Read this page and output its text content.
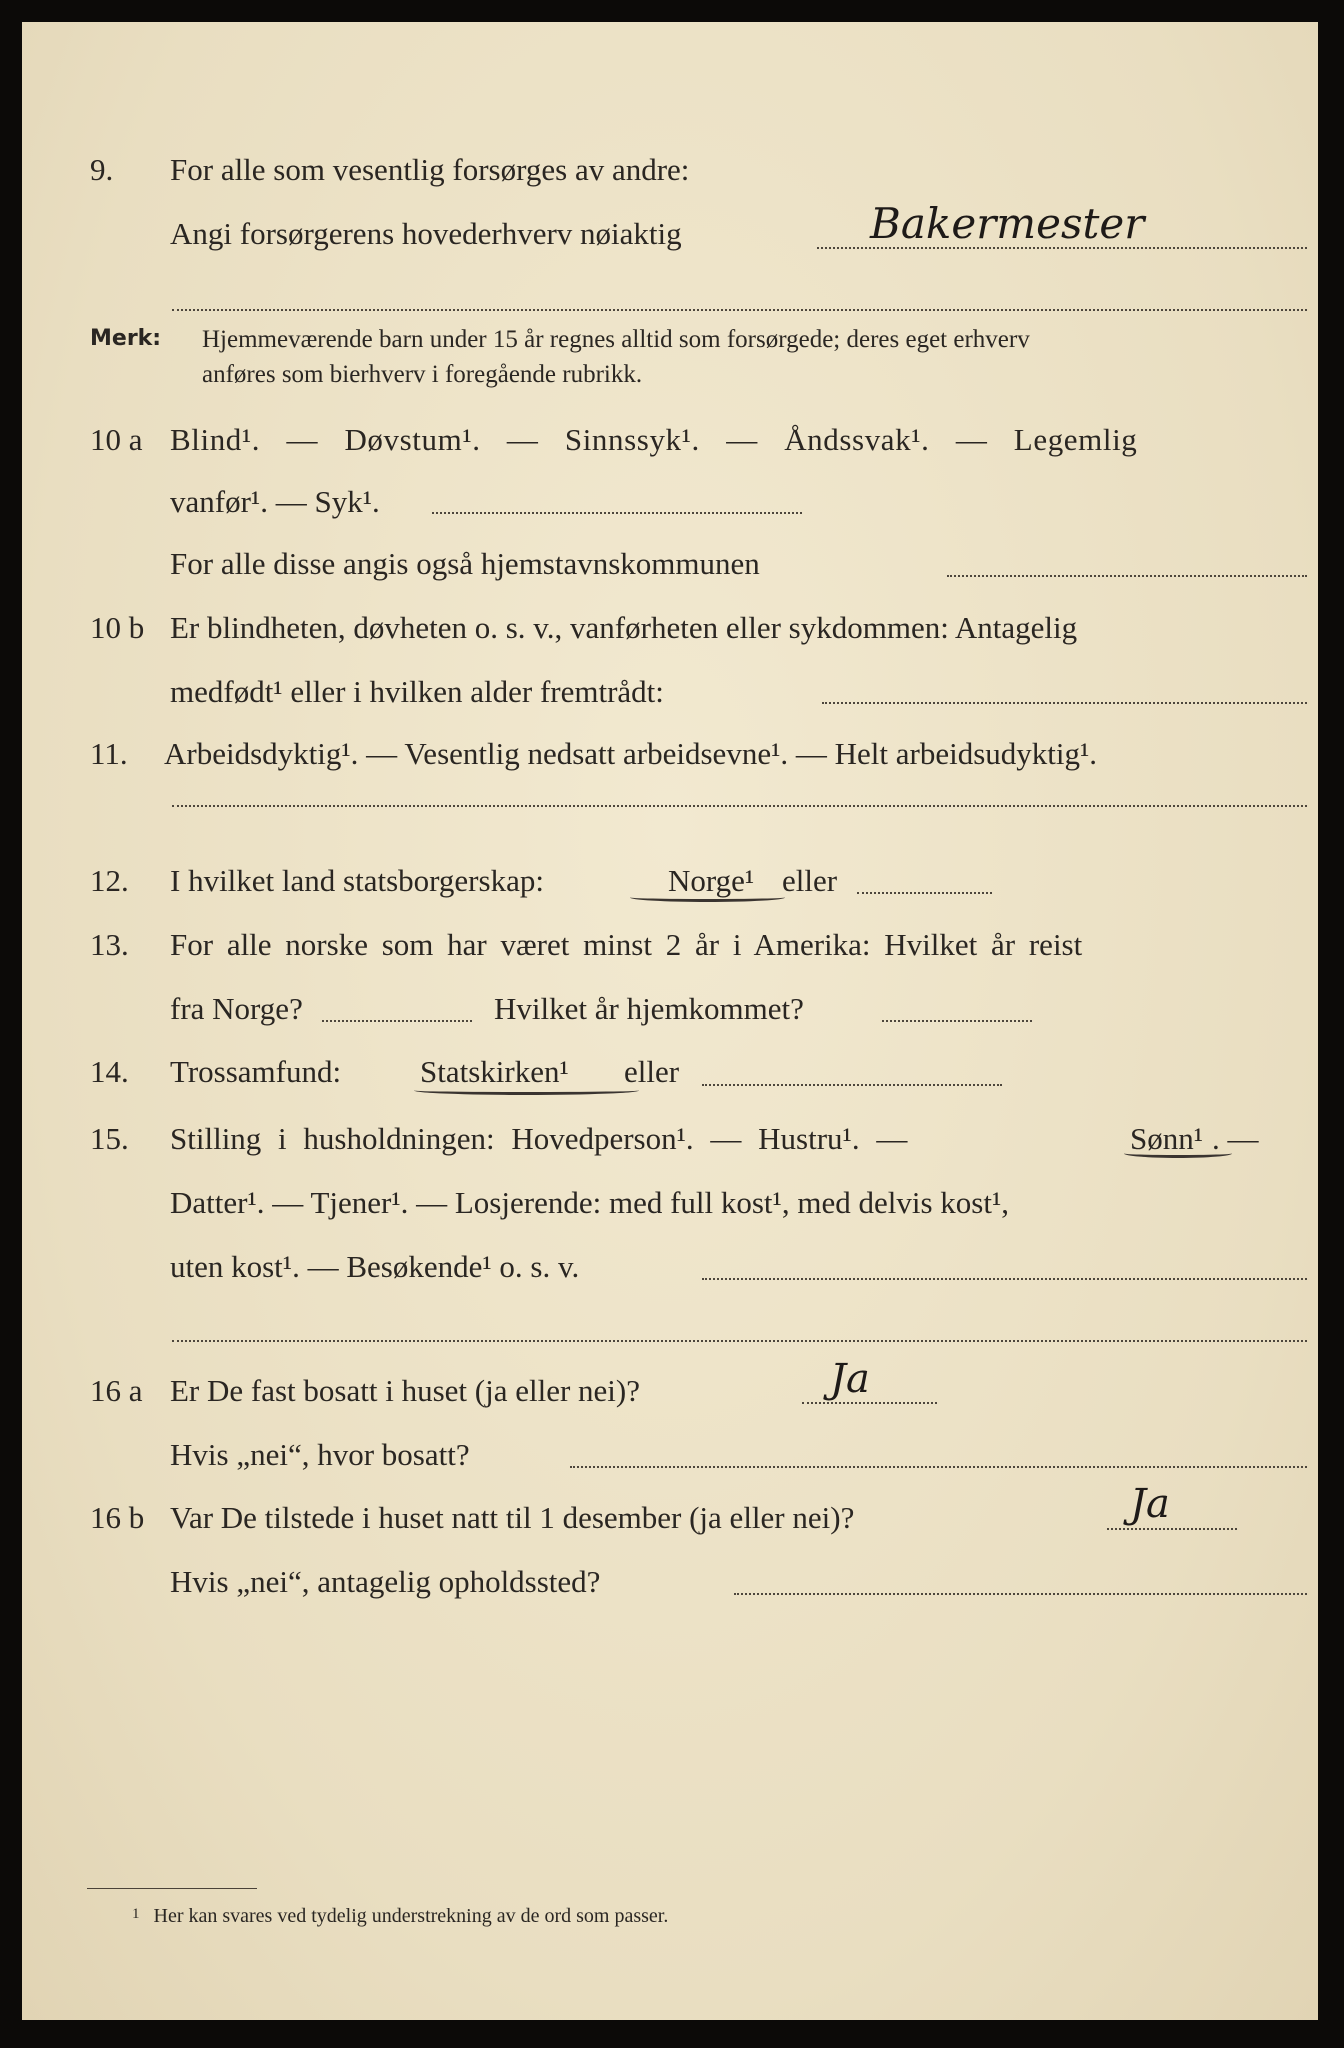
9. For alle som vesentlig forsørges av andre:
Angi forsørgerens hovederhverv nøiaktig	Bakermester
Merk: Hjemmeværende barn under 15 år regnes alltid som forsørgede; deres eget erhverv
anføres som bierhverv i foregående rubrikk.
10 a Blind¹. — Døvstum¹. — Sinnssyk¹. — Åndssvak¹. — Legemlig
vanfør¹. — Syk¹.
For alle disse angis også hjemstavnskommunen
10 b Er blindheten, døvheten o. s. v., vanførheten eller sykdommen: Antagelig
medfødt¹ eller i hvilken alder fremtrådt:
11. Arbeidsdyktig¹. — Vesentlig nedsatt arbeidsevne¹. — Helt arbeidsudyktig¹.
12. I hvilket land statsborgerskap:	Norge¹ eller
13. For alle norske som har været minst 2 år i Amerika: Hvilket år reist
fra Norge?	Hvilket år hjemkommet?
14. Trossamfund:	Statskirken¹ eller
15. Stilling i husholdningen: Hovedperson¹. — Hustru¹. —	Sønn¹ . —
Datter¹. — Tjener¹. — Losjerende: med full kost¹, med delvis kost¹,
uten kost¹. — Besøkende¹ o. s. v.
16 a Er De fast bosatt i huset (ja eller nei)?	Ja
Hvis „nei“, hvor bosatt?
16 b Var De tilstede i huset natt til 1 desember (ja eller nei)?	Ja
Hvis „nei“, antagelig opholdssted?
$^1$ Her kan svares ved tydelig understrekning av de ord som passer.
